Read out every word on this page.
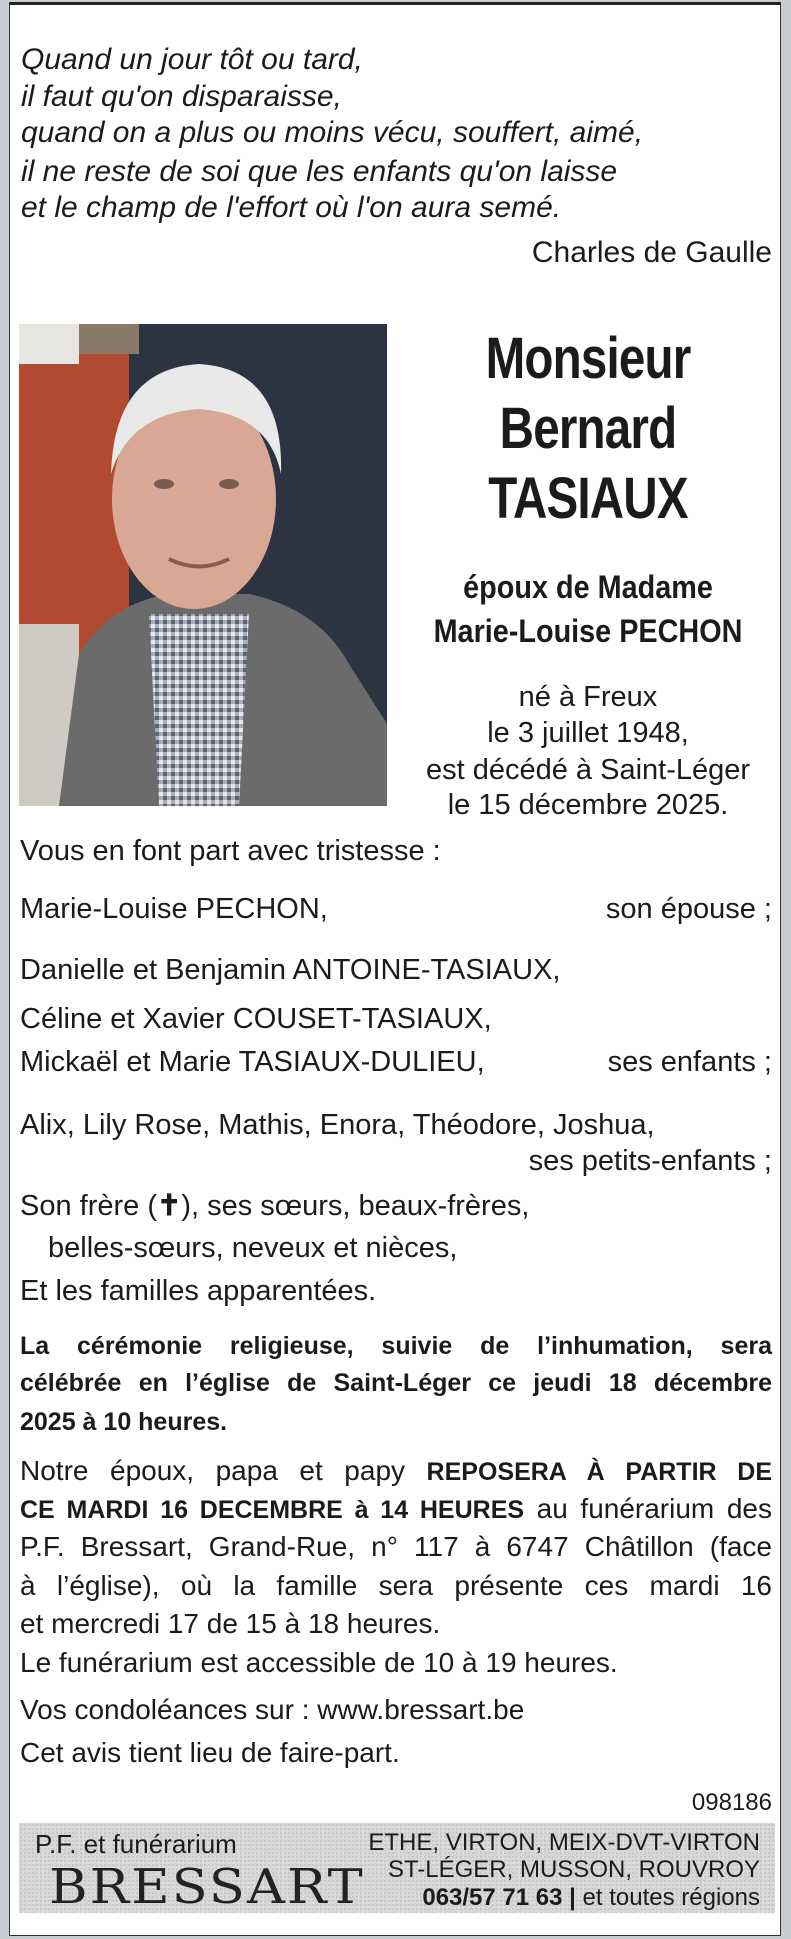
Quand un jour tôt ou tard,
il faut qu'on disparaisse,
quand on a plus ou moins vécu, souffert, aimé,
il ne reste de soi que les enfants qu'on laisse
et le champ de l'effort où l'on aura semé.
Charles de Gaulle
Monsieur
Bernard
TASIAUX
époux de Madame
Marie-Louise PECHON
né à Freux
le 3 juillet 1948,
est décédé à Saint-Léger
le 15 décembre 2025.
Vous en font part avec tristesse :
Marie-Louise PECHON,	son épouse ;
Danielle et Benjamin ANTOINE-TASIAUX,
Céline et Xavier COUSET-TASIAUX,
Mickaël et Marie TASIAUX-DULIEU,	ses enfants ;
Alix, Lily Rose, Mathis, Enora, Théodore, Joshua,
ses petits-enfants ;
Son frère (✝), ses sœurs, beaux-frères,
belles-sœurs, neveux et nièces,
Et les familles apparentées.
La cérémonie religieuse, suivie de l’inhumation, sera
célébrée en l’église de Saint-Léger ce jeudi 18 décembre
2025 à 10 heures.
Notre époux, papa et papy REPOSERA À PARTIR DE
CE MARDI 16 DECEMBRE à 14 HEURES au funérarium des
P.F. Bressart, Grand-Rue, n° 117 à 6747 Châtillon (face
à l’église), où la famille sera présente ces mardi 16
et mercredi 17 de 15 à 18 heures.
Le funérarium est accessible de 10 à 19 heures.
Vos condoléances sur : www.bressart.be
Cet avis tient lieu de faire-part.
098186
P.F. et funérarium
BRESSART
ETHE, VIRTON, MEIX-DVT-VIRTON
ST-LÉGER, MUSSON, ROUVROY
063/57 71 63 | et toutes régions
